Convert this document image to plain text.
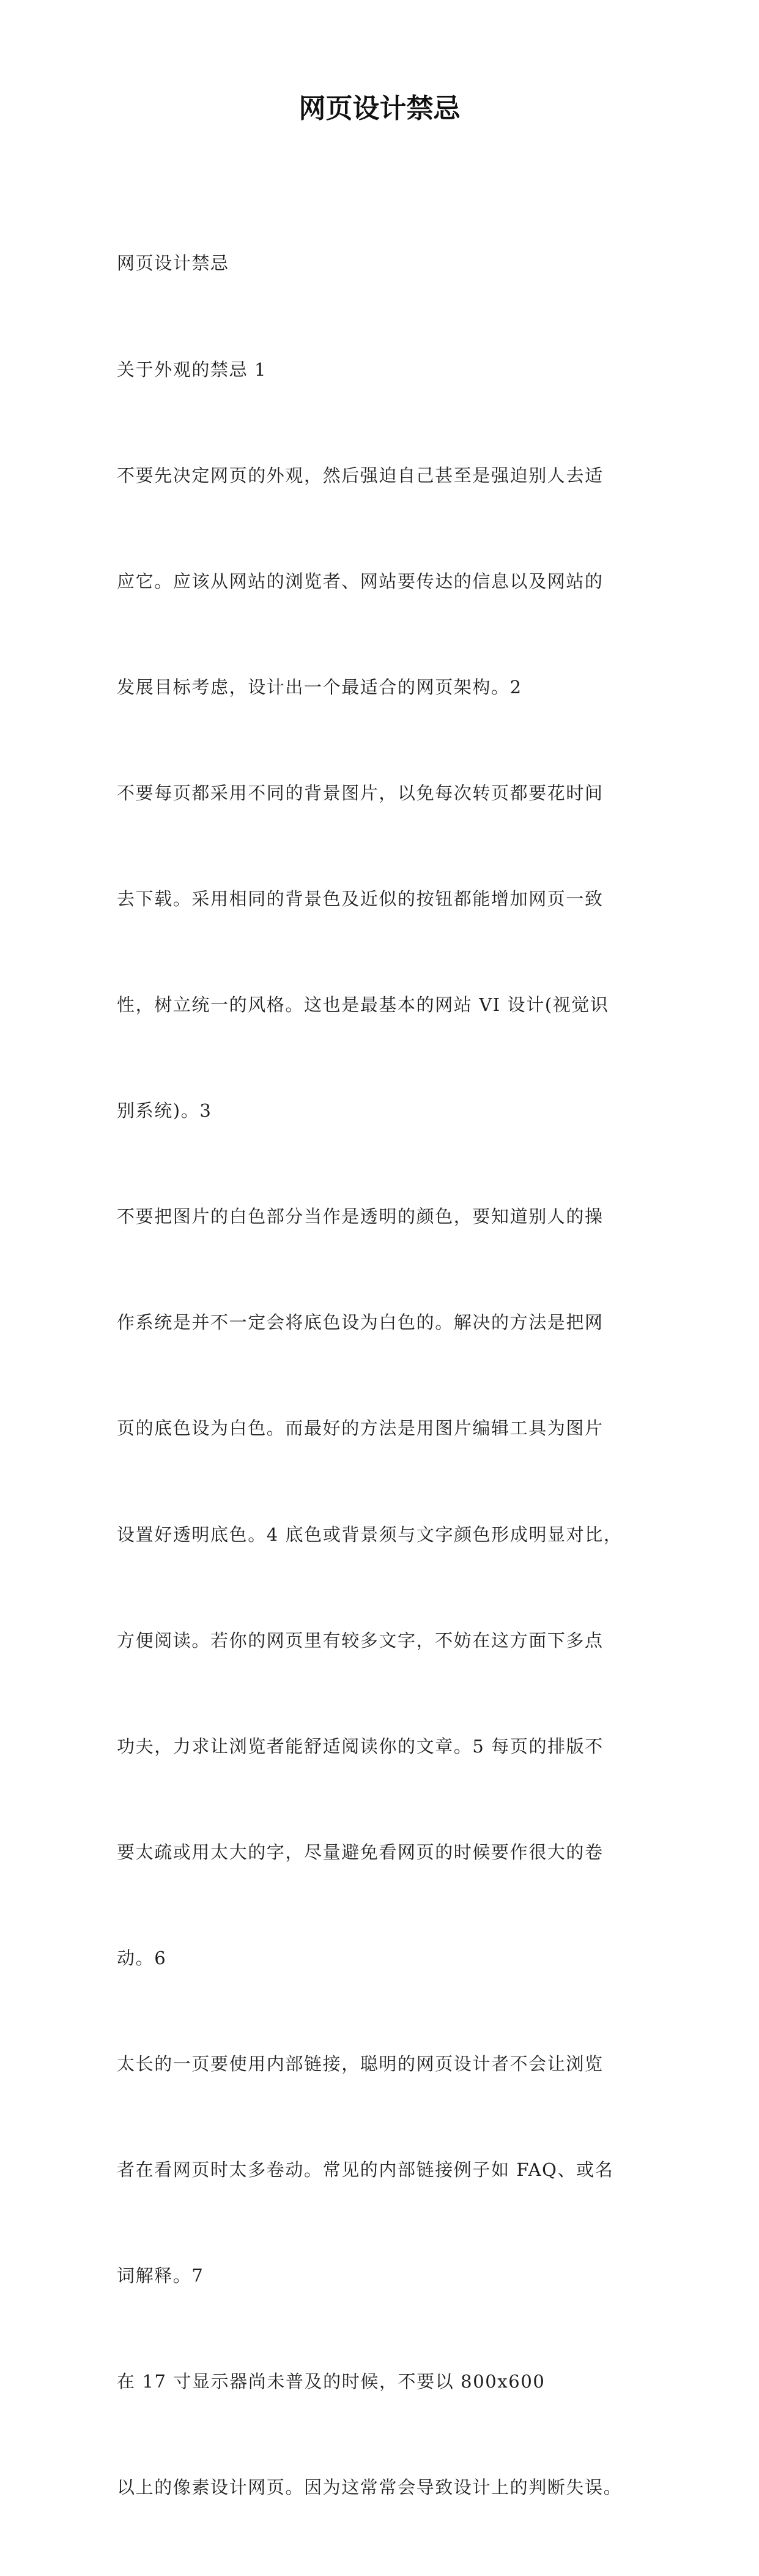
网页设计禁忌

网页设计禁忌

关于外观的禁忌 1

不要先决定网页的外观，然后强迫自己甚至是强迫别人去适

应它。应该从网站的浏览者、网站要传达的信息以及网站的

发展目标考虑，设计出一个最适合的网页架构。2

不要每页都采用不同的背景图片，以免每次转页都要花时间

去下载。采用相同的背景色及近似的按钮都能增加网页一致

性，树立统一的风格。这也是最基本的网站 VI 设计(视觉识

别系统)。3

不要把图片的白色部分当作是透明的颜色，要知道别人的操

作系统是并不一定会将底色设为白色的。解决的方法是把网

页的底色设为白色。而最好的方法是用图片编辑工具为图片

设置好透明底色。4 底色或背景须与文字颜色形成明显对比，

方便阅读。若你的网页里有较多文字，不妨在这方面下多点

功夫，力求让浏览者能舒适阅读你的文章。5 每页的排版不

要太疏或用太大的字，尽量避免看网页的时候要作很大的卷

动。6

太长的一页要使用内部链接，聪明的网页设计者不会让浏览

者在看网页时太多卷动。常见的内部链接例子如 FAQ、或名

词解释。7

在 17 寸显示器尚未普及的时候，不要以 800x600

以上的像素设计网页。因为这常常会导致设计上的判断失误。
